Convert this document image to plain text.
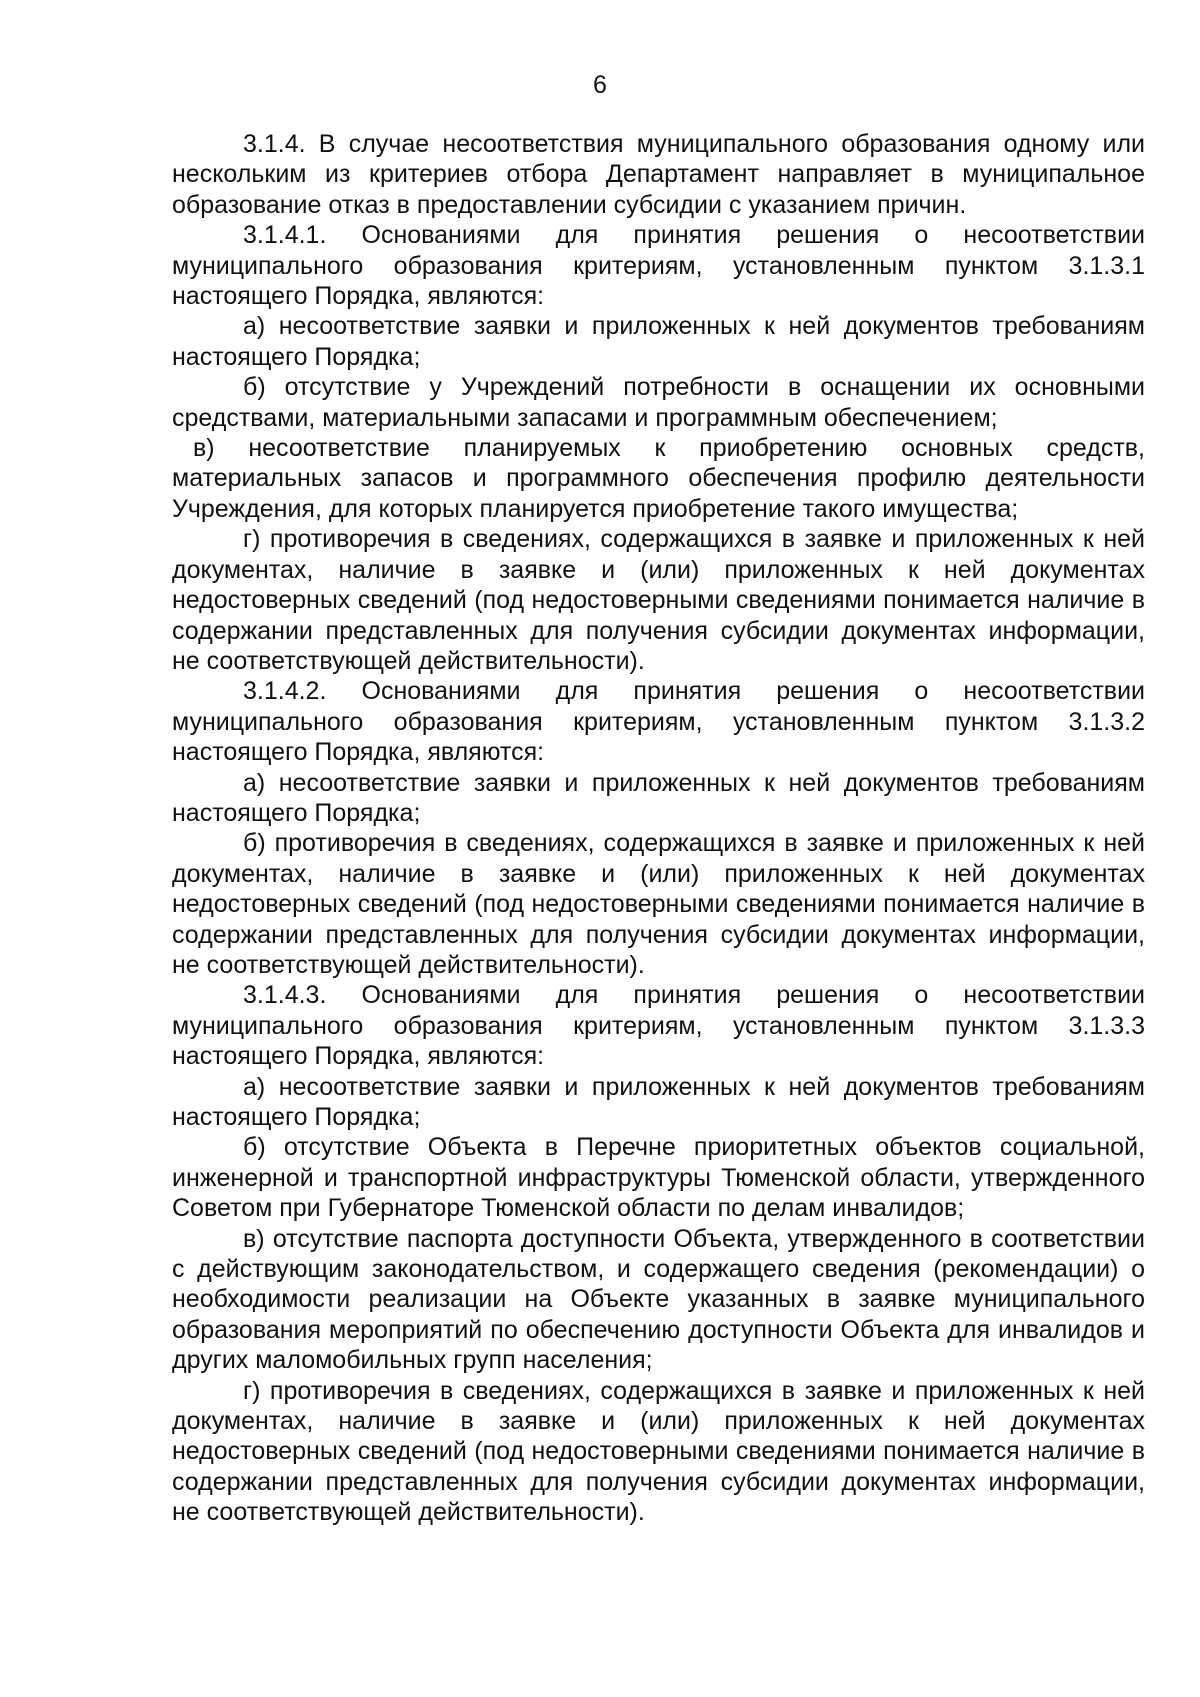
6

3.1.4. В случае несоответствия муниципального образования одному или нескольким из критериев отбора Департамент направляет в муниципальное образование отказ в предоставлении субсидии с указанием причин.

3.1.4.1. Основаниями для принятия решения о несоответствии муниципального образования критериям, установленным пунктом 3.1.3.1 настоящего Порядка, являются:

а) несоответствие заявки и приложенных к ней документов требованиям настоящего Порядка;

б) отсутствие у Учреждений потребности в оснащении их основными средствами, материальными запасами и программным обеспечением;

в) несоответствие планируемых к приобретению основных средств, материальных запасов и программного обеспечения профилю деятельности Учреждения, для которых планируется приобретение такого имущества;

г) противоречия в сведениях, содержащихся в заявке и приложенных к ней документах, наличие в заявке и (или) приложенных к ней документах недостоверных сведений (под недостоверными сведениями понимается наличие в содержании представленных для получения субсидии документах информации, не соответствующей действительности).

3.1.4.2. Основаниями для принятия решения о несоответствии муниципального образования критериям, установленным пунктом 3.1.3.2 настоящего Порядка, являются:

а) несоответствие заявки и приложенных к ней документов требованиям настоящего Порядка;

б) противоречия в сведениях, содержащихся в заявке и приложенных к ней документах, наличие в заявке и (или) приложенных к ней документах недостоверных сведений (под недостоверными сведениями понимается наличие в содержании представленных для получения субсидии документах информации, не соответствующей действительности).

3.1.4.3. Основаниями для принятия решения о несоответствии муниципального образования критериям, установленным пунктом 3.1.3.3 настоящего Порядка, являются:

а) несоответствие заявки и приложенных к ней документов требованиям настоящего Порядка;

б) отсутствие Объекта в Перечне приоритетных объектов социальной, инженерной и транспортной инфраструктуры Тюменской области, утвержденного Советом при Губернаторе Тюменской области по делам инвалидов;

в) отсутствие паспорта доступности Объекта, утвержденного в соответствии с действующим законодательством, и содержащего сведения (рекомендации) о необходимости реализации на Объекте указанных в заявке муниципального образования мероприятий по обеспечению доступности Объекта для инвалидов и других маломобильных групп населения;

г) противоречия в сведениях, содержащихся в заявке и приложенных к ней документах, наличие в заявке и (или) приложенных к ней документах недостоверных сведений (под недостоверными сведениями понимается наличие в содержании представленных для получения субсидии документах информации, не соответствующей действительности).
